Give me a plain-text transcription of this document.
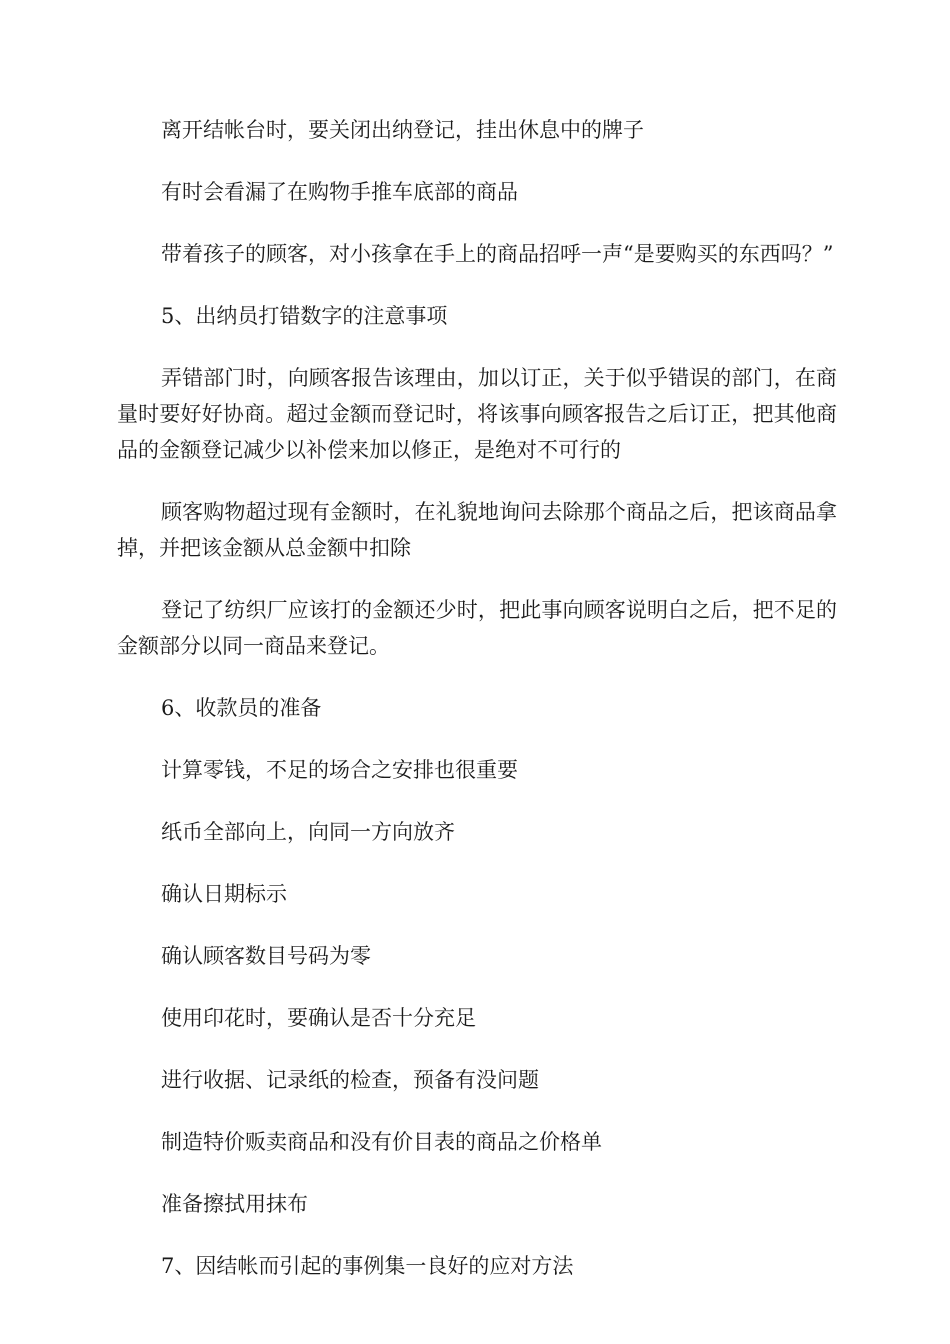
离开结帐台时，要关闭出纳登记，挂出休息中的牌子

有时会看漏了在购物手推车底部的商品

带着孩子的顾客，对小孩拿在手上的商品招呼一声“是要购买的东西吗？”

5、出纳员打错数字的注意事项

弄错部门时，向顾客报告该理由，加以订正，关于似乎错误的部门，在商量时要好好协商。超过金额而登记时，将该事向顾客报告之后订正，把其他商品的金额登记减少以补偿来加以修正，是绝对不可行的

顾客购物超过现有金额时，在礼貌地询问去除那个商品之后，把该商品拿掉，并把该金额从总金额中扣除

登记了纺织厂应该打的金额还少时，把此事向顾客说明白之后，把不足的金额部分以同一商品来登记。

6、收款员的准备

计算零钱，不足的场合之安排也很重要

纸币全部向上，向同一方向放齐

确认日期标示

确认顾客数目号码为零

使用印花时，要确认是否十分充足

进行收据、记录纸的检查，预备有没问题

制造特价贩卖商品和没有价目表的商品之价格单

准备擦拭用抹布

7、因结帐而引起的事例集一良好的应对方法
